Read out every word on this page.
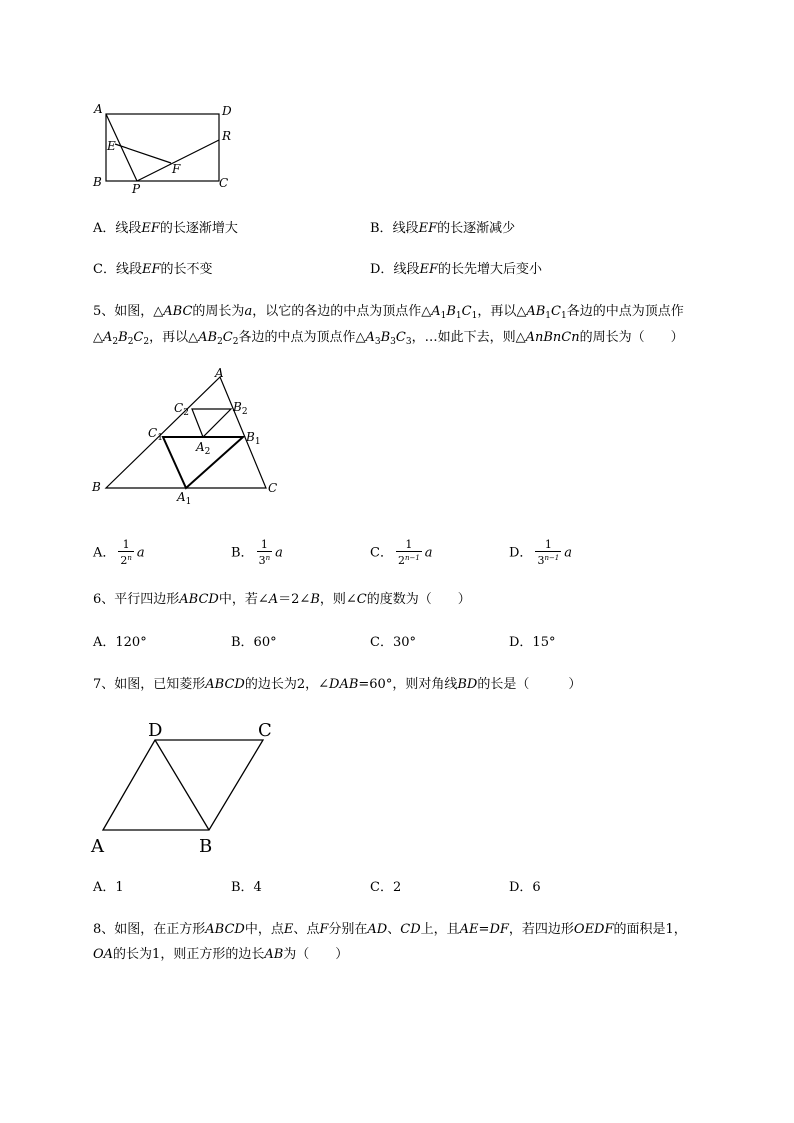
A	D
R
E
F
B	P	C
A．线段EF的长逐渐增大	B．线段EF的长逐渐减少
C．线段EF的长不变	D．线段EF的长先增大后变小
5、如图，△ABC的周长为a，以它的各边的中点为顶点作$\triangle A_1B_1C_1$，再以$\triangle AB_1C_1$各边的中点为顶点作
$\triangle A_2B_2C_2$，再以$\triangle AB_2C_2$各边的中点为顶点作$\triangle A_3B_3C_3$，…如此下去，则△AnBnCn的周长为（　　）
A
$C_2$	$B_2$
$C_1$	$B_1$
$A_2$
B
$A_1$
C
A． $\frac{1}{2^n}$ a	B． $\frac{1}{3^n}$ a	C． $\frac{1}{2^{n-1}}$ a	D． $\frac{1}{3^{n-1}}$ a
6、平行四边形ABCD中，若∠A＝2∠B，则∠C的度数为（　　）
A．120°	B．60°	C．30°	D．15°
7、如图，已知菱形ABCD的边长为2，∠DAB=60°，则对角线BD的长是（　　　）
D	C
A	B
A．1	B．4	C．2	D．6
8、如图，在正方形ABCD中，点E、点F分别在AD、CD上，且AE=DF，若四边形OEDF的面积是1，
OA的长为1，则正方形的边长AB为（　　）
